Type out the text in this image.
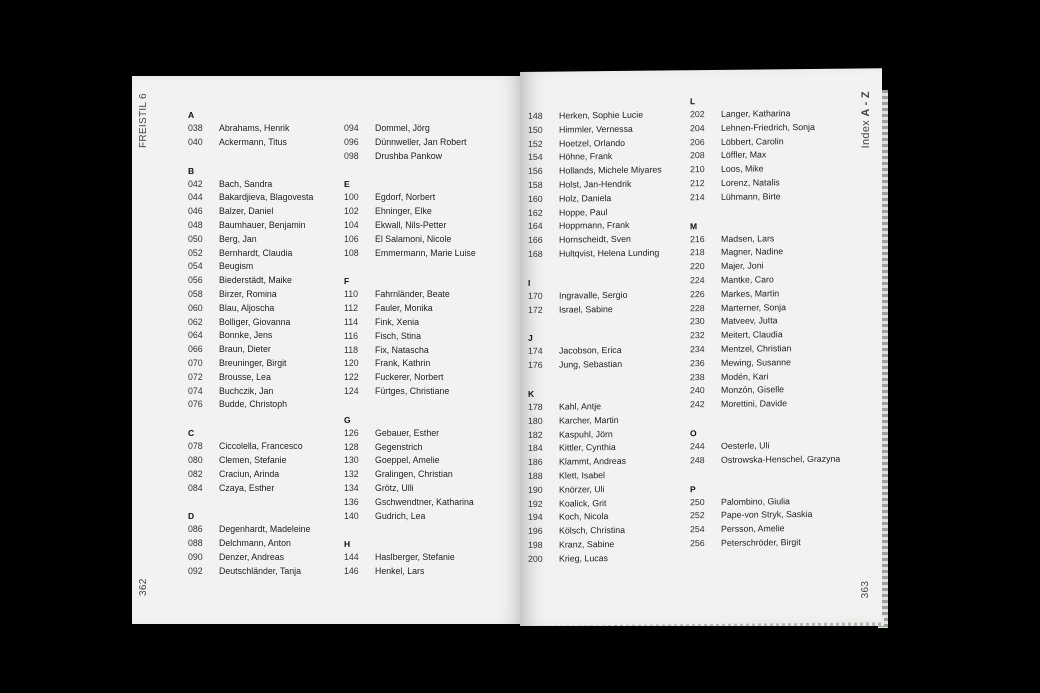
FREISTIL 6
362
A
038	Abrahams, Henrik
040	Ackermann, Titus
B
042	Bach, Sandra
044	Bakardjieva, Blagovesta
046	Balzer, Daniel
048	Baumhauer, Benjamin
050	Berg, Jan
052	Bernhardt, Claudia
054	Beugism
056	Biederstädt, Maike
058	Birzer, Romina
060	Blau, Aljoscha
062	Bolliger, Giovanna
064	Bonnke, Jens
066	Braun, Dieter
070	Breuninger, Birgit
072	Brousse, Lea
074	Buchczik, Jan
076	Budde, Christoph
C
078	Ciccolella, Francesco
080	Clemen, Stefanie
082	Craciun, Arinda
084	Czaya, Esther
D
086	Degenhardt, Madeleine
088	Delchmann, Anton
090	Denzer, Andreas
092	Deutschländer, Tanja
094	Dommel, Jörg
096	Dünnweller, Jan Robert
098	Drushba Pankow
E
100	Egdorf, Norbert
102	Ehninger, Elke
104	Ekwall, Nils-Petter
106	El Salamoni, Nicole
108	Emmermann, Marie Luise
F
110	Fahrnländer, Beate
112	Fauler, Monika
114	Fink, Xenia
116	Fisch, Stina
118	Fix, Natascha
120	Frank, Kathrin
122	Fuckerer, Norbert
124	Fürtges, Christiane
G
126	Gebauer, Esther
128	Gegenstrich
130	Goeppel, Amelie
132	Gralingen, Christian
134	Grötz, Ulli
136	Gschwendtner, Katharina
140	Gudrich, Lea
H
144	Haslberger, Stefanie
146	Henkel, Lars
Index A - Z
363
148	Herken, Sophie Lucie
150	Himmler, Vernessa
152	Hoetzel, Orlando
154	Höhne, Frank
156	Hollands, Michele Miyares
158	Holst, Jan-Hendrik
160	Holz, Daniela
162	Hoppe, Paul
164	Hoppmann, Frank
166	Hornscheidt, Sven
168	Hultqvist, Helena Lunding
I
170	Ingravalle, Sergio
172	Israel, Sabine
J
174	Jacobson, Erica
176	Jung, Sebastian
K
178	Kahl, Antje
180	Karcher, Martin
182	Kaspuhl, Jörn
184	Kittler, Cynthia
186	Klammt, Andreas
188	Klett, Isabel
190	Knörzer, Uli
192	Koalick, Grit
194	Koch, Nicola
196	Kölsch, Christina
198	Kranz, Sabine
200	Krieg, Lucas
L
202	Langer, Katharina
204	Lehnen-Friedrich, Sonja
206	Löbbert, Carolin
208	Löffler, Max
210	Loos, Mike
212	Lorenz, Natalis
214	Lühmann, Birte
M
216	Madsen, Lars
218	Magner, Nadine
220	Majer, Joni
224	Mantke, Caro
226	Markes, Martin
228	Marterner, Sonja
230	Matveev, Jutta
232	Meitert, Claudia
234	Mentzel, Christian
236	Mewing, Susanne
238	Modén, Kari
240	Monzón, Giselle
242	Morettini, Davide
O
244	Oesterle, Uli
248	Ostrowska-Henschel, Grazyna
P
250	Palombino, Giulia
252	Pape-von Stryk, Saskia
254	Persson, Amelie
256	Peterschröder, Birgit
